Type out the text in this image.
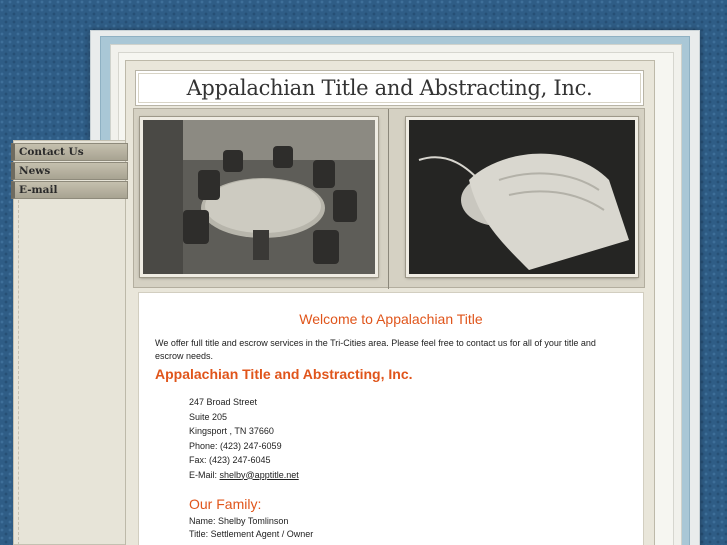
Appalachian Title and Abstracting, Inc.
Welcome to Appalachian Title
We offer full title and escrow services in the Tri-Cities area. Please feel free to contact us for all of your title and escrow needs.
Appalachian Title and Abstracting, Inc.
247 Broad Street
Suite 205
Kingsport , TN 37660
Phone: (423) 247-6059
Fax: (423) 247-6045
E-Mail: shelby@apptitle.net
Our Family:
Name: Shelby Tomlinson
Title: Settlement Agent / Owner
Contact Us
News
E-mail
